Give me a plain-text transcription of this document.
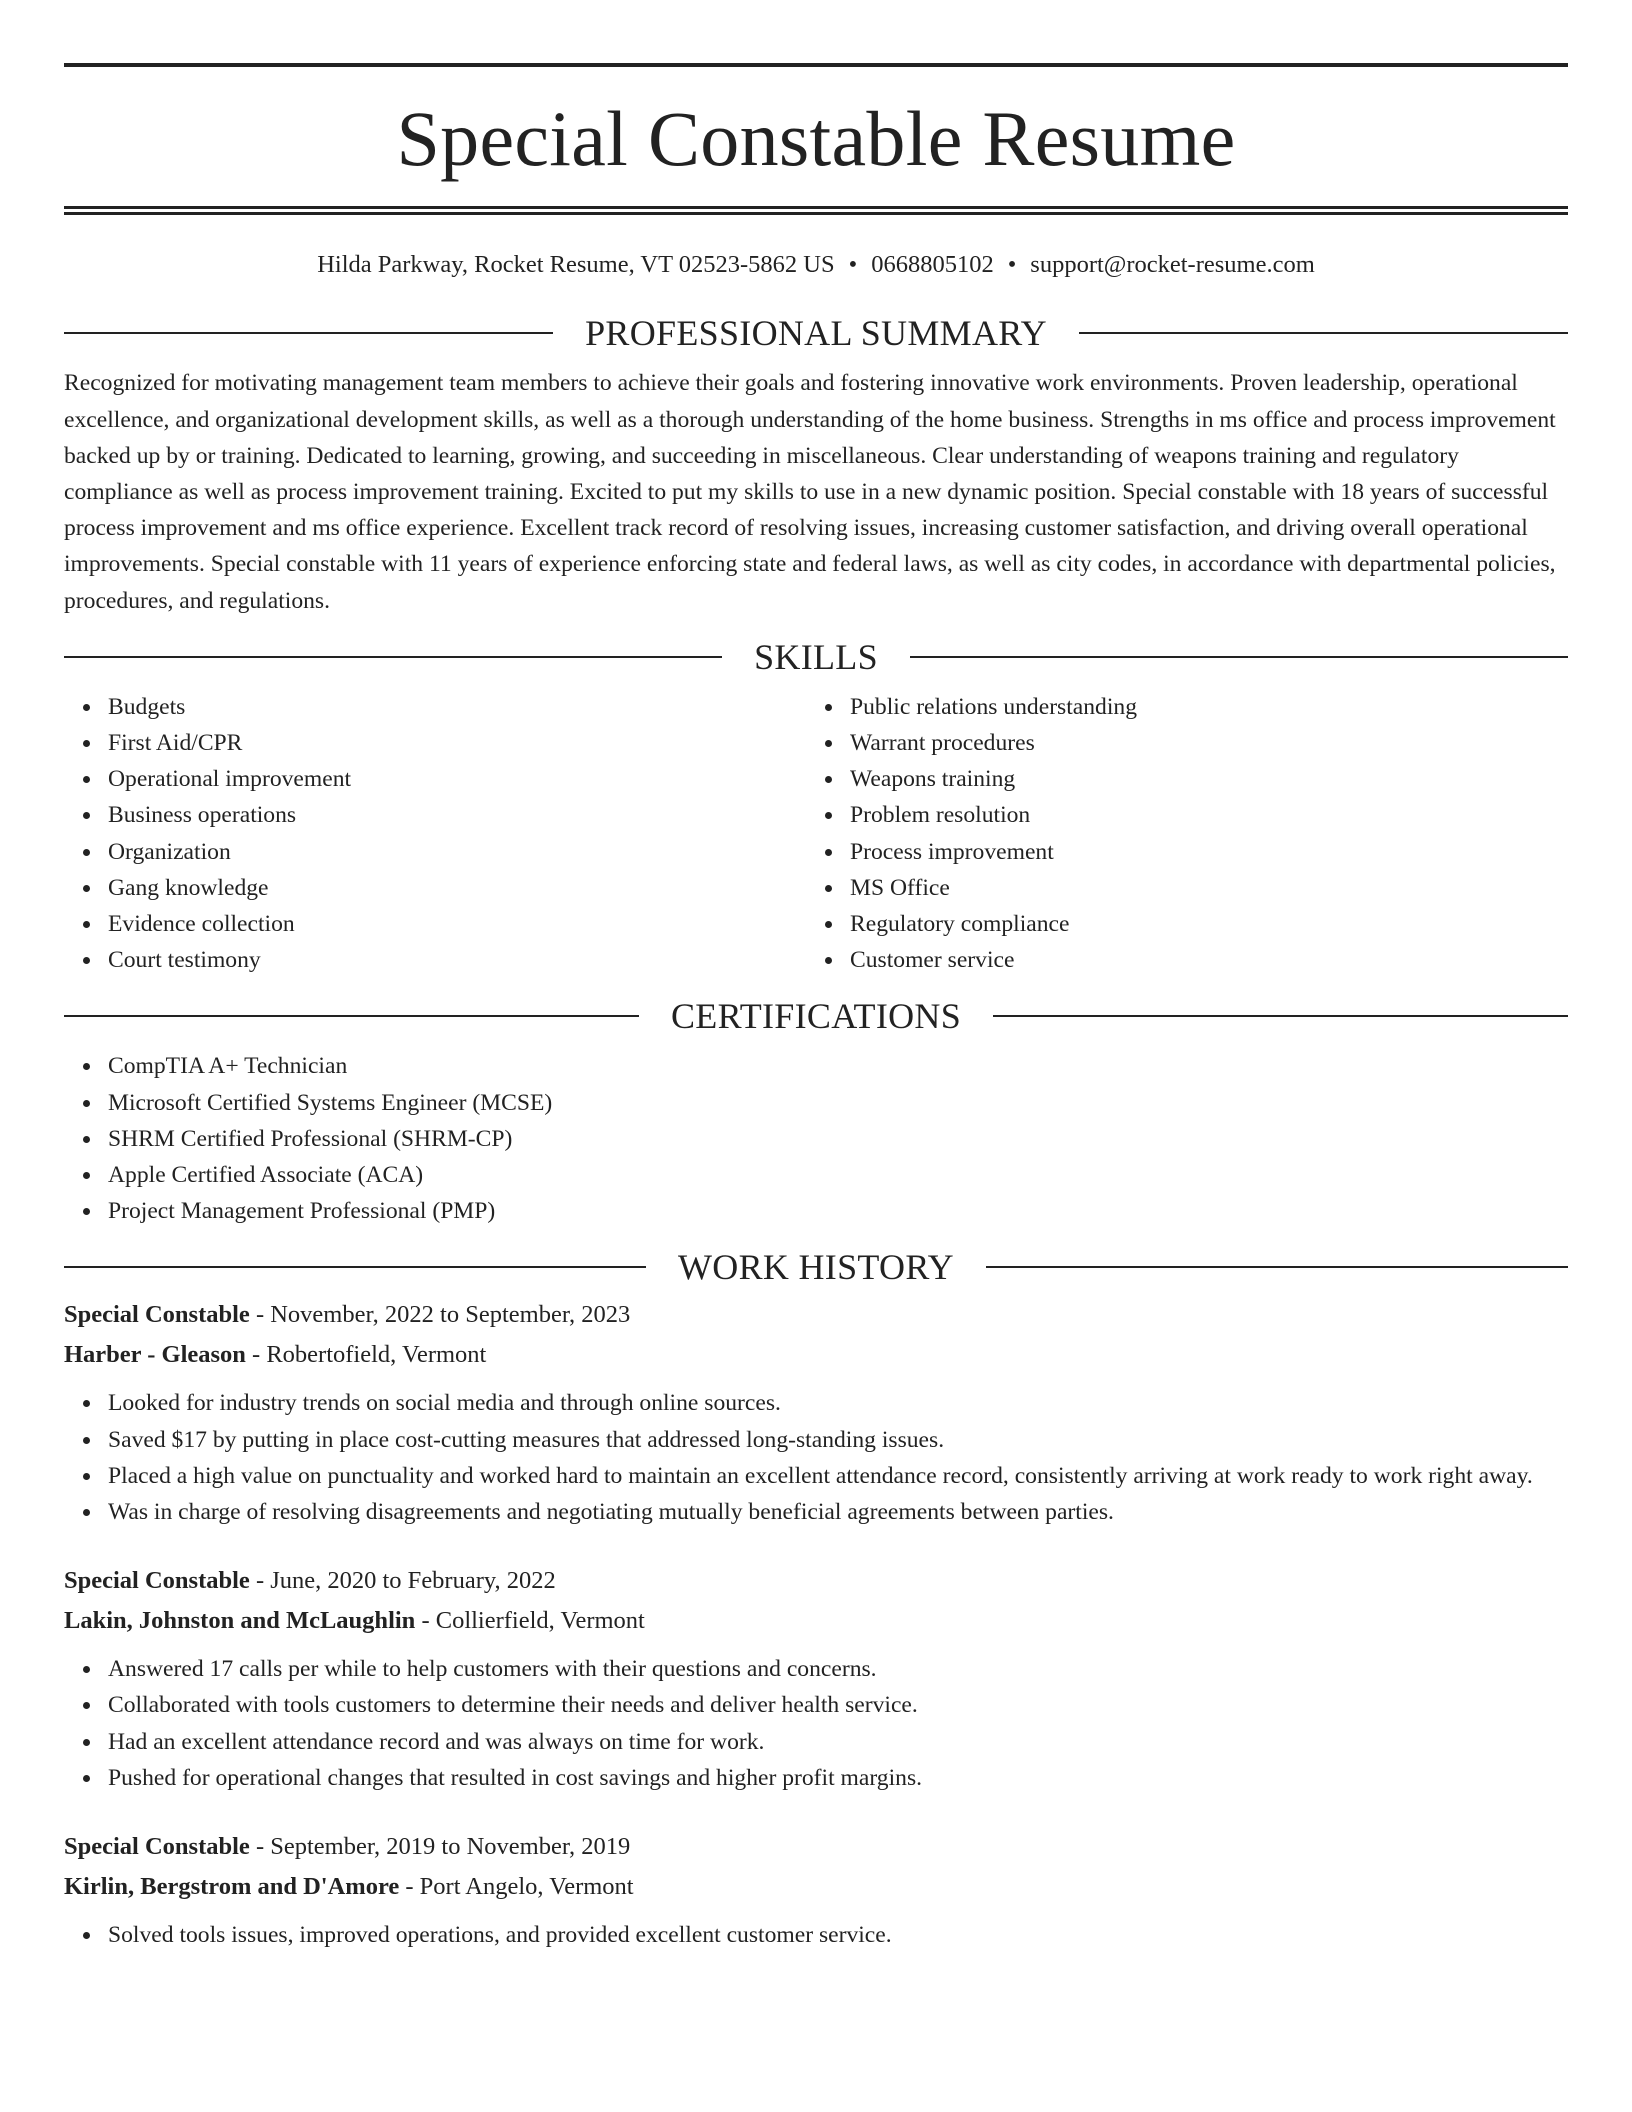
Special Constable Resume
Hilda Parkway, Rocket Resume, VT 02523-5862 US • 0668805102 • support@rocket-resume.com
PROFESSIONAL SUMMARY

Recognized for motivating management team members to achieve their goals and fostering innovative work environments. Proven leadership, operational excellence, and organizational development skills, as well as a thorough understanding of the home business. Strengths in ms office and process improvement backed up by or training. Dedicated to learning, growing, and succeeding in miscellaneous. Clear understanding of weapons training and regulatory compliance as well as process improvement training. Excited to put my skills to use in a new dynamic position. Special constable with 18 years of successful process improvement and ms office experience. Excellent track record of resolving issues, increasing customer satisfaction, and driving overall operational improvements. Special constable with 11 years of experience enforcing state and federal laws, as well as city codes, in accordance with departmental policies, procedures, and regulations.

SKILLS
Budgets
First Aid/CPR
Operational improvement
Business operations
Organization
Gang knowledge
Evidence collection
Court testimony
Public relations understanding
Warrant procedures
Weapons training
Problem resolution
Process improvement
MS Office
Regulatory compliance
Customer service
CERTIFICATIONS
CompTIA A+ Technician
Microsoft Certified Systems Engineer (MCSE)
SHRM Certified Professional (SHRM-CP)
Apple Certified Associate (ACA)
Project Management Professional (PMP)
WORK HISTORY
Special Constable - November, 2022 to September, 2023
Harber - Gleason - Robertofield, Vermont
Looked for industry trends on social media and through online sources.
Saved $17 by putting in place cost-cutting measures that addressed long-standing issues.
Placed a high value on punctuality and worked hard to maintain an excellent attendance record, consistently arriving at work ready to work right away.
Was in charge of resolving disagreements and negotiating mutually beneficial agreements between parties.
Special Constable - June, 2020 to February, 2022
Lakin, Johnston and McLaughlin - Collierfield, Vermont
Answered 17 calls per while to help customers with their questions and concerns.
Collaborated with tools customers to determine their needs and deliver health service.
Had an excellent attendance record and was always on time for work.
Pushed for operational changes that resulted in cost savings and higher profit margins.
Special Constable - September, 2019 to November, 2019
Kirlin, Bergstrom and D'Amore - Port Angelo, Vermont
Solved tools issues, improved operations, and provided excellent customer service.
